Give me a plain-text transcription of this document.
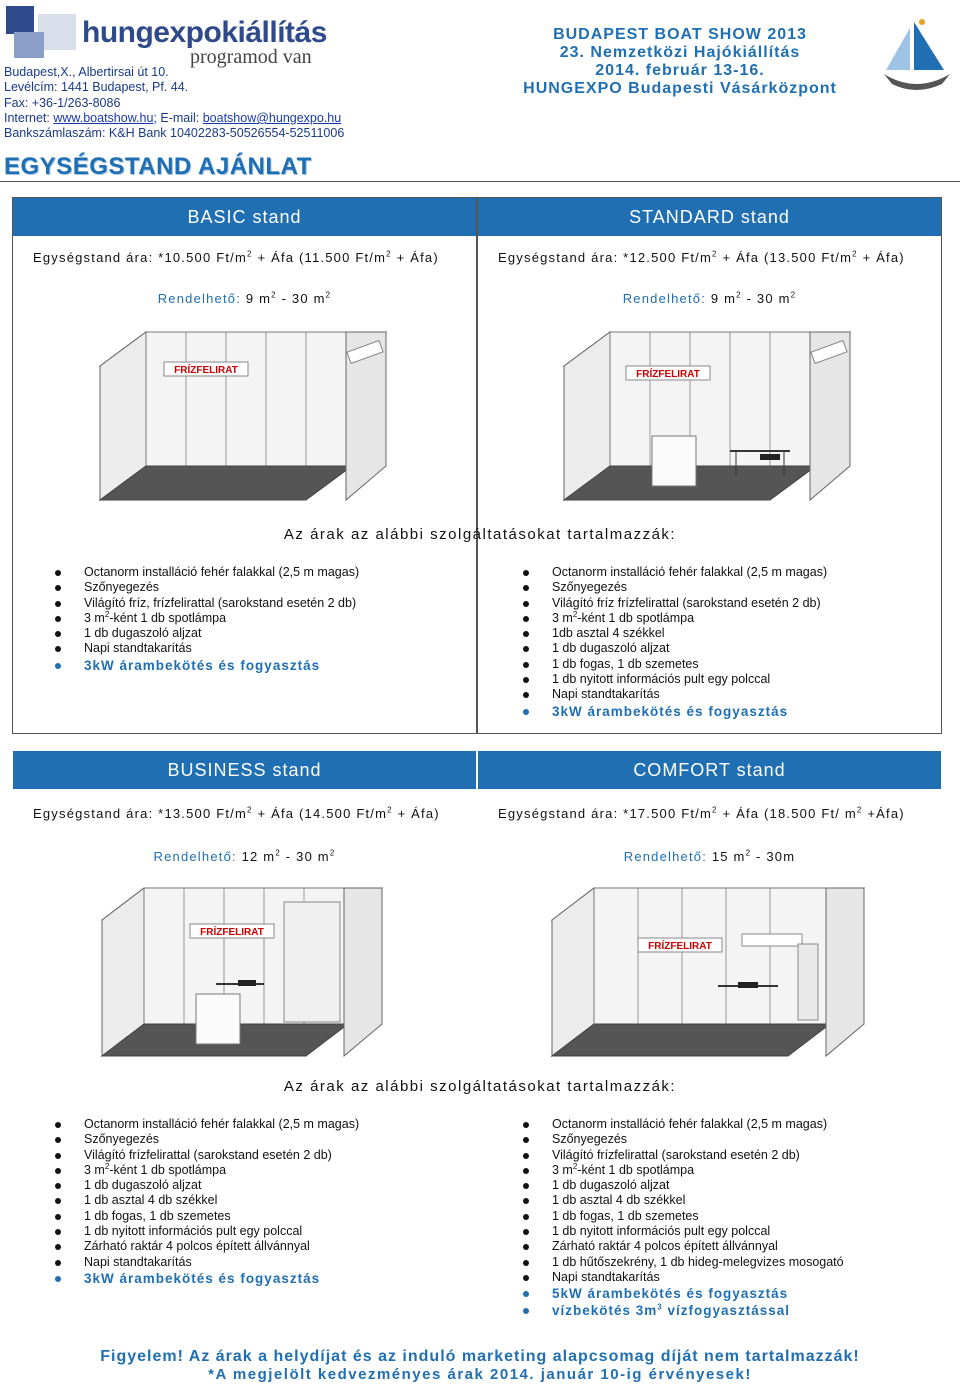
hungexpokiállítás
programod van
Budapest,X., Albertirsai út 10.
Levélcím: 1441 Budapest, Pf. 44.
Fax: +36-1/263-8086
Internet: www.boatshow.hu; E-mail: boatshow@hungexpo.hu
Bankszámlaszám: K&H Bank 10402283-50526554-52511006
EGYSÉGSTAND AJÁNLAT
BUDAPEST BOAT SHOW 2013
23. Nemzetközi Hajókiállítás
2014. február 13-16.
HUNGEXPO Budapesti Vásárközpont
BASIC stand	STANDARD stand
Egységstand ára: *10.500 $Ft/m^2$ + Áfa (11.500 $Ft/m^2$ + Áfa)	Egységstand ára: *12.500 $Ft/m^2$ + Áfa (13.500 $Ft/m^2$ + Áfa)
Rendelhető: 9 $m^2 - 30$ $m^2$	Rendelhető: 9 $m^2 - 30$ $m^2$
FRÍZFELIRAT	FRÍZFELIRAT
Az árak az alábbi szolgáltatásokat tartalmazzák:
Octanorm installáció fehér falakkal (2,5 m magas)
Szőnyegezés
Világító fríz, frízfelirattal (sarokstand esetén 2 db)
3 $m^2$-ként 1 db spotlámpa
1 db dugaszoló aljzat
Napi standtakarítás
3kW árambekötés és fogyasztás
Octanorm installáció fehér falakkal (2,5 m magas)
Szőnyegezés
Világító fríz frízfelirattal (sarokstand esetén 2 db)
3 $m^2$-ként 1 db spotlámpa
1db asztal 4 székkel
1 db dugaszoló aljzat
1 db fogas, 1 db szemetes
1 db nyitott információs pult egy polccal
Napi standtakarítás
3kW árambekötés és fogyasztás
BUSINESS stand	COMFORT stand
Egységstand ára: *13.500 $Ft/m^2$ + Áfa (14.500 $Ft/m^2$ + Áfa)	Egységstand ára: *17.500 $Ft/m^2$ + Áfa (18.500 Ft/ $m^2$ +Áfa)
Rendelhető: 12 $m^2 - 30$ $m^2$	Rendelhető: 15 $m^2 - 30m$
FRÍZFELIRAT
FRÍZFELIRAT
Az árak az alábbi szolgáltatásokat tartalmazzák:
Octanorm installáció fehér falakkal (2,5 m magas)
Szőnyegezés
Világító frízfelirattal (sarokstand esetén 2 db)
3 $m^2$-ként 1 db spotlámpa
1 db dugaszoló aljzat
1 db asztal 4 db székkel
1 db fogas, 1 db szemetes
1 db nyitott információs pult egy polccal
Zárható raktár 4 polcos épített állvánnyal
Napi standtakarítás
3kW árambekötés és fogyasztás
Octanorm installáció fehér falakkal (2,5 m magas)
Szőnyegezés
Világító frízfelirattal (sarokstand esetén 2 db)
3 $m^2$-ként 1 db spotlámpa
1 db dugaszoló aljzat
1 db asztal 4 db székkel
1 db fogas, 1 db szemetes
1 db nyitott információs pult egy polccal
Zárható raktár 4 polcos épített állvánnyal
1 db hűtőszekrény, 1 db hideg-melegvizes mosogató
Napi standtakarítás
5kW árambekötés és fogyasztás
vízbekötés $3m^3$ vízfogyasztással
Figyelem! Az árak a helydíjat és az induló marketing alapcsomag díját nem tartalmazzák!
*A megjelölt kedvezményes árak 2014. január 10-ig érvényesek!
